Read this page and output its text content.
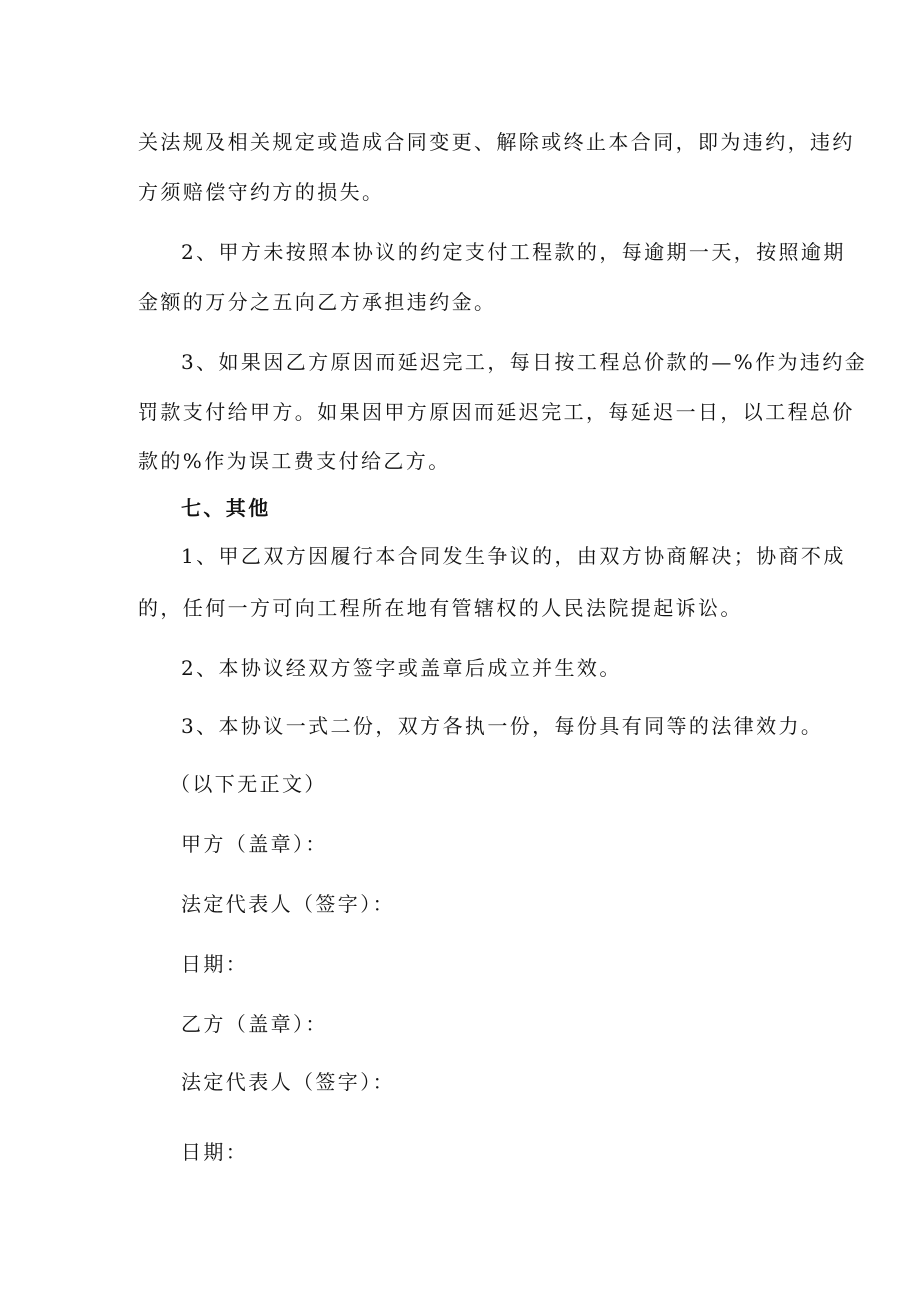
关法规及相关规定或造成合同变更、解除或终止本合同，即为违约，违约
方须赔偿守约方的损失。
2、甲方未按照本协议的约定支付工程款的，每逾期一天，按照逾期
金额的万分之五向乙方承担违约金。
3、如果因乙方原因而延迟完工，每日按工程总价款的—%作为违约金
罚款支付给甲方。如果因甲方原因而延迟完工，每延迟一日，以工程总价
款的%作为误工费支付给乙方。
七、其他
1、甲乙双方因履行本合同发生争议的，由双方协商解决；协商不成
的，任何一方可向工程所在地有管辖权的人民法院提起诉讼。
2、本协议经双方签字或盖章后成立并生效。
3、本协议一式二份，双方各执一份，每份具有同等的法律效力。
（以下无正文）
甲方（盖章）：
法定代表人（签字）：
日期：
乙方（盖章）：
法定代表人（签字）：
日期：
